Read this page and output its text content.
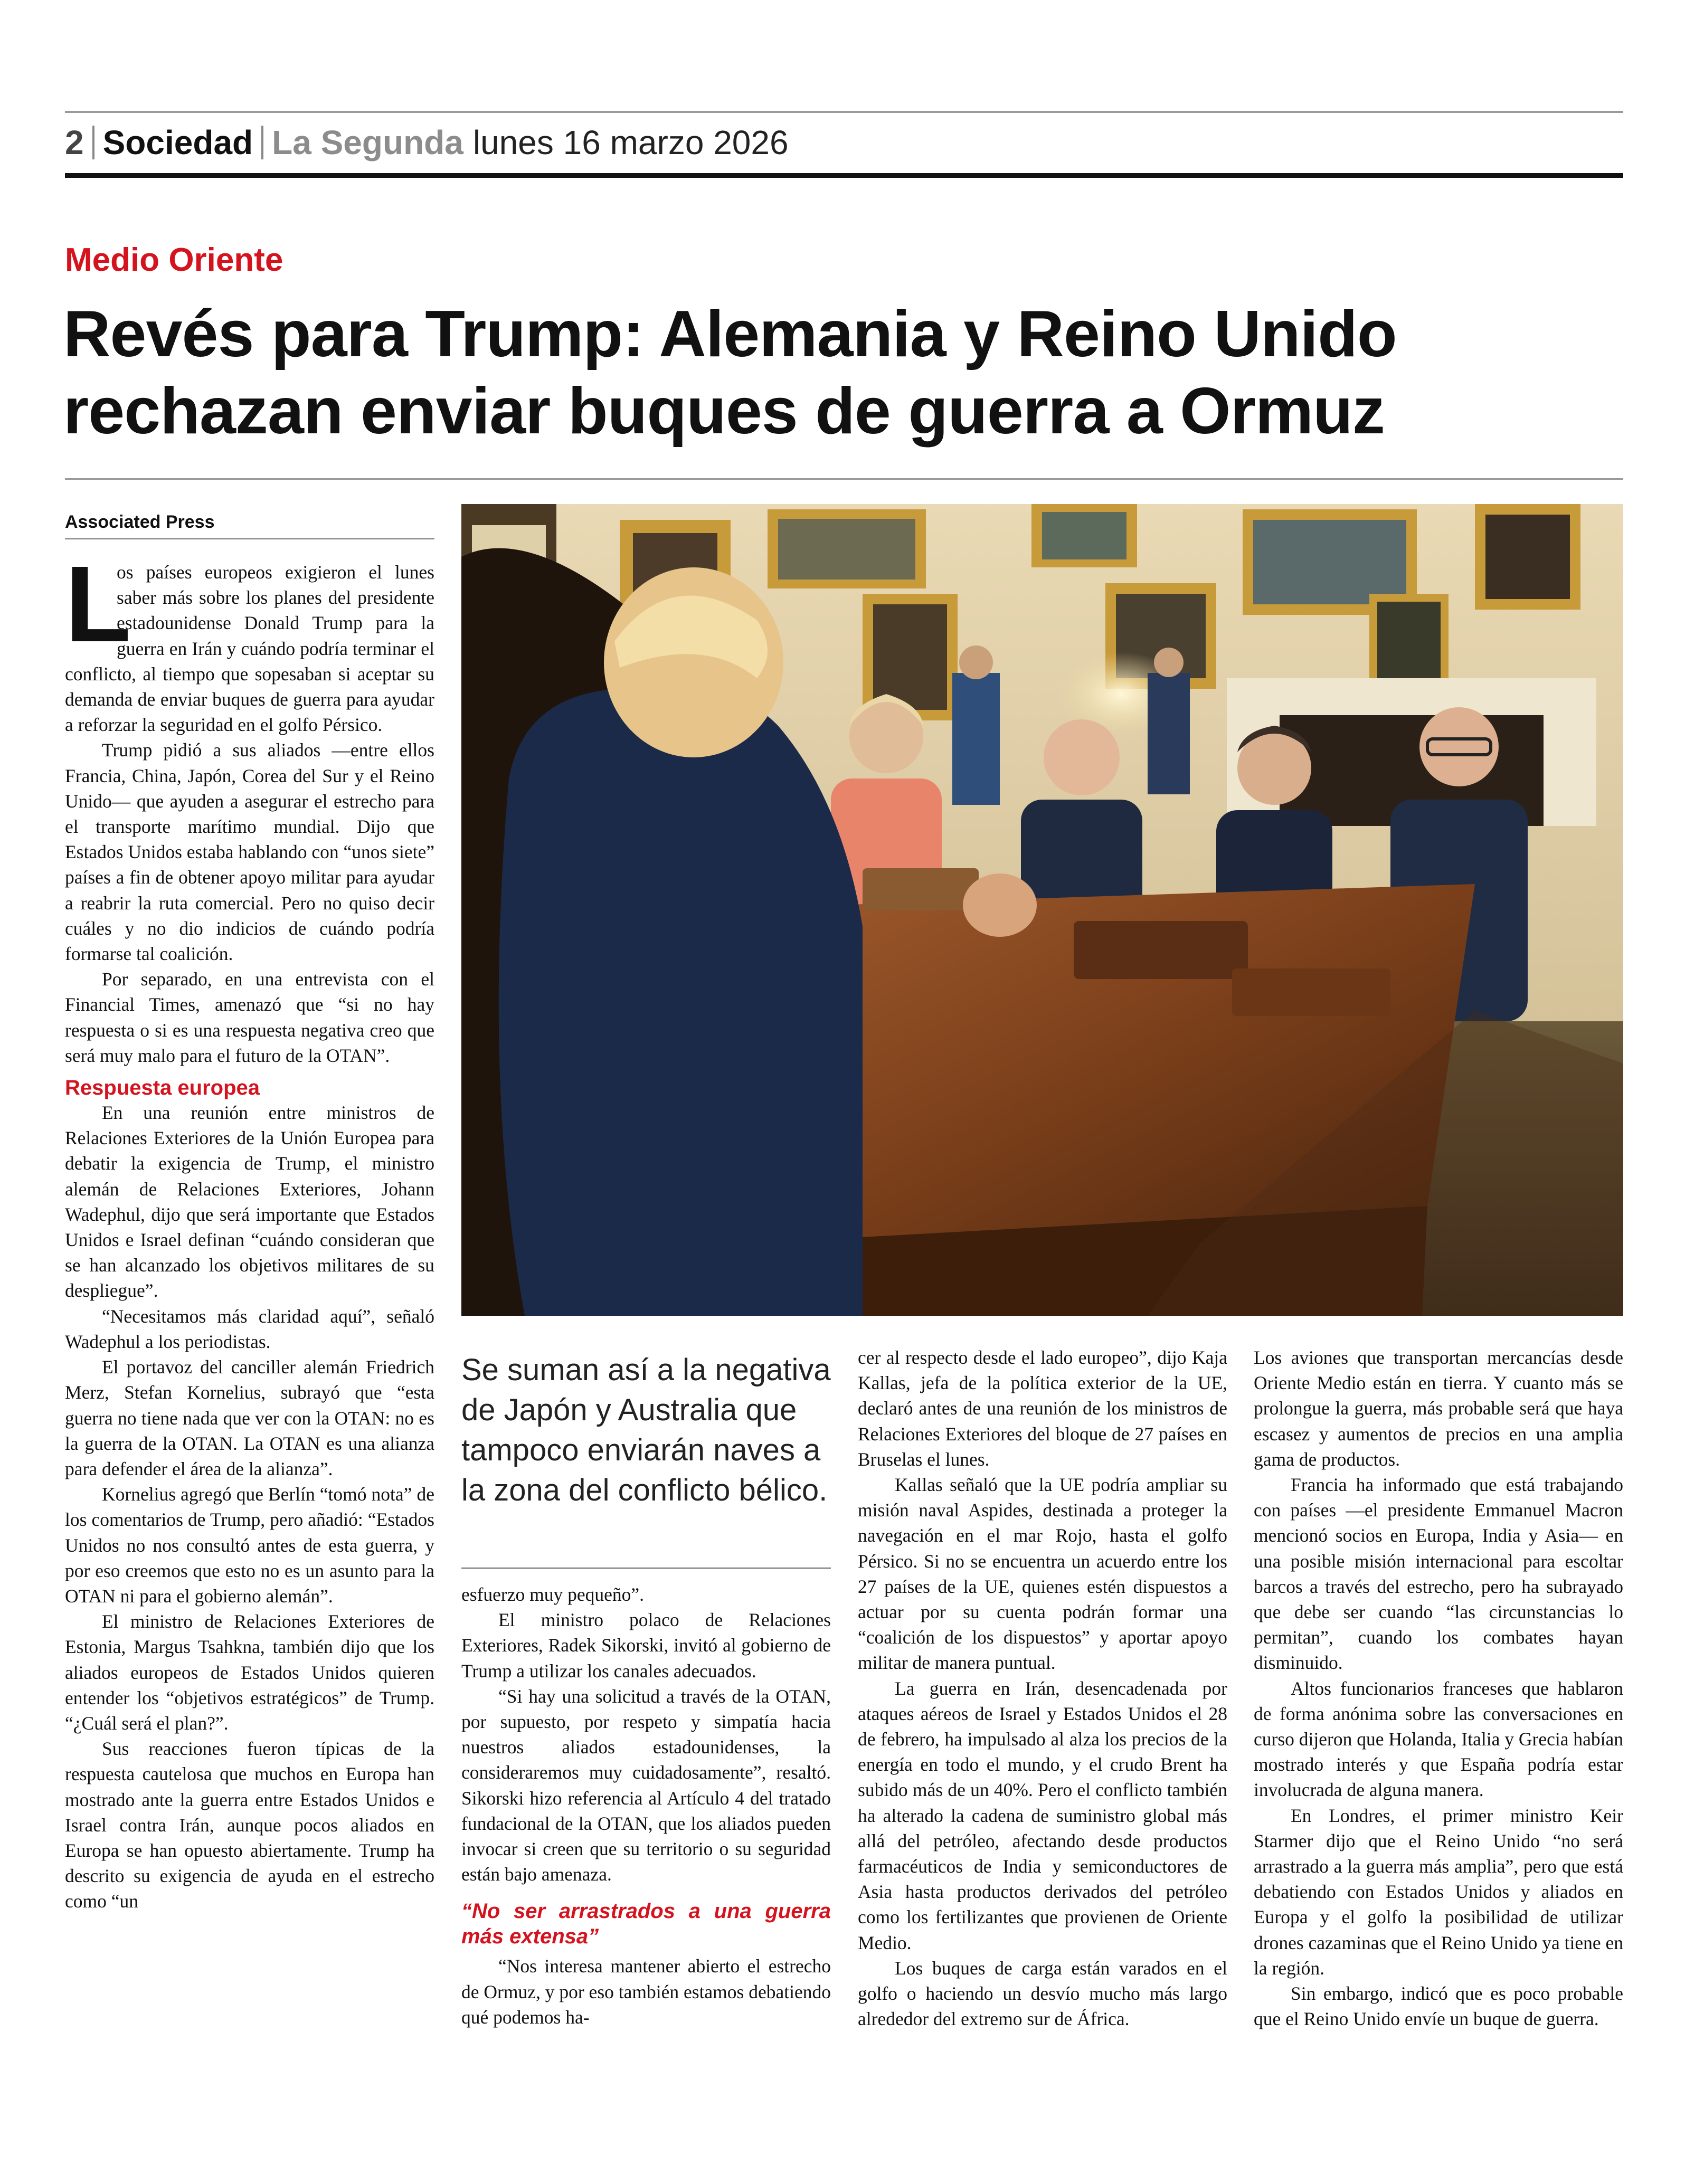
2 Sociedad La Segunda lunes 16 marzo 2026
Medio Oriente
Revés para Trump: Alemania y Reino Unido rechazan enviar buques de guerra a Ormuz
Associated Press

L
os países europeos exigieron el lunes saber más sobre los planes del presidente estadounidense Donald Trump para la guerra en Irán y cuándo podría terminar el conflicto, al tiempo que sopesaban si aceptar su demanda de enviar buques de guerra para ayudar a reforzar la seguridad en el golfo Pérsico.

Trump pidió a sus aliados —entre ellos Francia, China, Japón, Corea del Sur y el Reino Unido— que ayuden a asegurar el estrecho para el transporte marítimo mundial. Dijo que Estados Unidos estaba hablando con “unos siete” países a fin de obtener apoyo militar para ayudar a reabrir la ruta comercial. Pero no quiso decir cuáles y no dio indicios de cuándo podría formarse tal coalición.

Por separado, en una entrevista con el Financial Times, amenazó que “si no hay respuesta o si es una respuesta negativa creo que será muy malo para el futuro de la OTAN”.

Respuesta europea

En una reunión entre ministros de Relaciones Exteriores de la Unión Europea para debatir la exigencia de Trump, el ministro alemán de Relaciones Exteriores, Johann Wadephul, dijo que será importante que Estados Unidos e Israel definan “cuándo consideran que se han alcanzado los objetivos militares de su despliegue”.

“Necesitamos más claridad aquí”, señaló Wadephul a los periodistas.

El portavoz del canciller alemán Friedrich Merz, Stefan Kornelius, subrayó que “esta guerra no tiene nada que ver con la OTAN: no es la guerra de la OTAN. La OTAN es una alianza para defender el área de la alianza”.

Kornelius agregó que Berlín “tomó nota” de los comentarios de Trump, pero añadió: “Estados Unidos no nos consultó antes de esta guerra, y por eso creemos que esto no es un asunto para la OTAN ni para el gobierno alemán”.

El ministro de Relaciones Exteriores de Estonia, Margus Tsahkna, también dijo que los aliados europeos de Estados Unidos quieren entender los “objetivos estratégicos” de Trump. “¿Cuál será el plan?”.

Sus reacciones fueron típicas de la respuesta cautelosa que muchos en Europa han mostrado ante la guerra entre Estados Unidos e Israel contra Irán, aunque pocos aliados en Europa se han opuesto abiertamente. Trump ha descrito su exigencia de ayuda en el estrecho como “un

Se suman así a la negativa de Japón y Australia que tampoco enviarán naves a la zona del conflicto bélico.

esfuerzo muy pequeño”.

El ministro polaco de Relaciones Exteriores, Radek Sikorski, invitó al gobierno de Trump a utilizar los canales adecuados.

“Si hay una solicitud a través de la OTAN, por supuesto, por respeto y simpatía hacia nuestros aliados estadounidenses, la consideraremos muy cuidadosamente”, resaltó. Sikorski hizo referencia al Artículo 4 del tratado fundacional de la OTAN, que los aliados pueden invocar si creen que su territorio o su seguridad están bajo amenaza.

“No ser arrastrados a una guerra más extensa”

“Nos interesa mantener abierto el estrecho de Ormuz, y por eso también estamos debatiendo qué podemos ha-

cer al respecto desde el lado europeo”, dijo Kaja Kallas, jefa de la política exterior de la UE, declaró antes de una reunión de los ministros de Relaciones Exteriores del bloque de 27 países en Bruselas el lunes.

Kallas señaló que la UE podría ampliar su misión naval Aspides, destinada a proteger la navegación en el mar Rojo, hasta el golfo Pérsico. Si no se encuentra un acuerdo entre los 27 países de la UE, quienes estén dispuestos a actuar por su cuenta podrán formar una “coalición de los dispuestos” y aportar apoyo militar de manera puntual.

La guerra en Irán, desencadenada por ataques aéreos de Israel y Estados Unidos el 28 de febrero, ha impulsado al alza los precios de la energía en todo el mundo, y el crudo Brent ha subido más de un 40%. Pero el conflicto también ha alterado la cadena de suministro global más allá del petróleo, afectando desde productos farmacéuticos de India y semiconductores de Asia hasta productos derivados del petróleo como los fertilizantes que provienen de Oriente Medio.

Los buques de carga están varados en el golfo o haciendo un desvío mucho más largo alrededor del extremo sur de África.

Los aviones que transportan mercancías desde Oriente Medio están en tierra. Y cuanto más se prolongue la guerra, más probable será que haya escasez y aumentos de precios en una amplia gama de productos.

Francia ha informado que está trabajando con países —el presidente Emmanuel Macron mencionó socios en Europa, India y Asia— en una posible misión internacional para escoltar barcos a través del estrecho, pero ha subrayado que debe ser cuando “las circunstancias lo permitan”, cuando los combates hayan disminuido.

Altos funcionarios franceses que hablaron de forma anónima sobre las conversaciones en curso dijeron que Holanda, Italia y Grecia habían mostrado interés y que España podría estar involucrada de alguna manera.

En Londres, el primer ministro Keir Starmer dijo que el Reino Unido “no será arrastrado a la guerra más amplia”, pero que está debatiendo con Estados Unidos y aliados en Europa y el golfo la posibilidad de utilizar drones cazaminas que el Reino Unido ya tiene en la región.

Sin embargo, indicó que es poco probable que el Reino Unido envíe un buque de guerra.
